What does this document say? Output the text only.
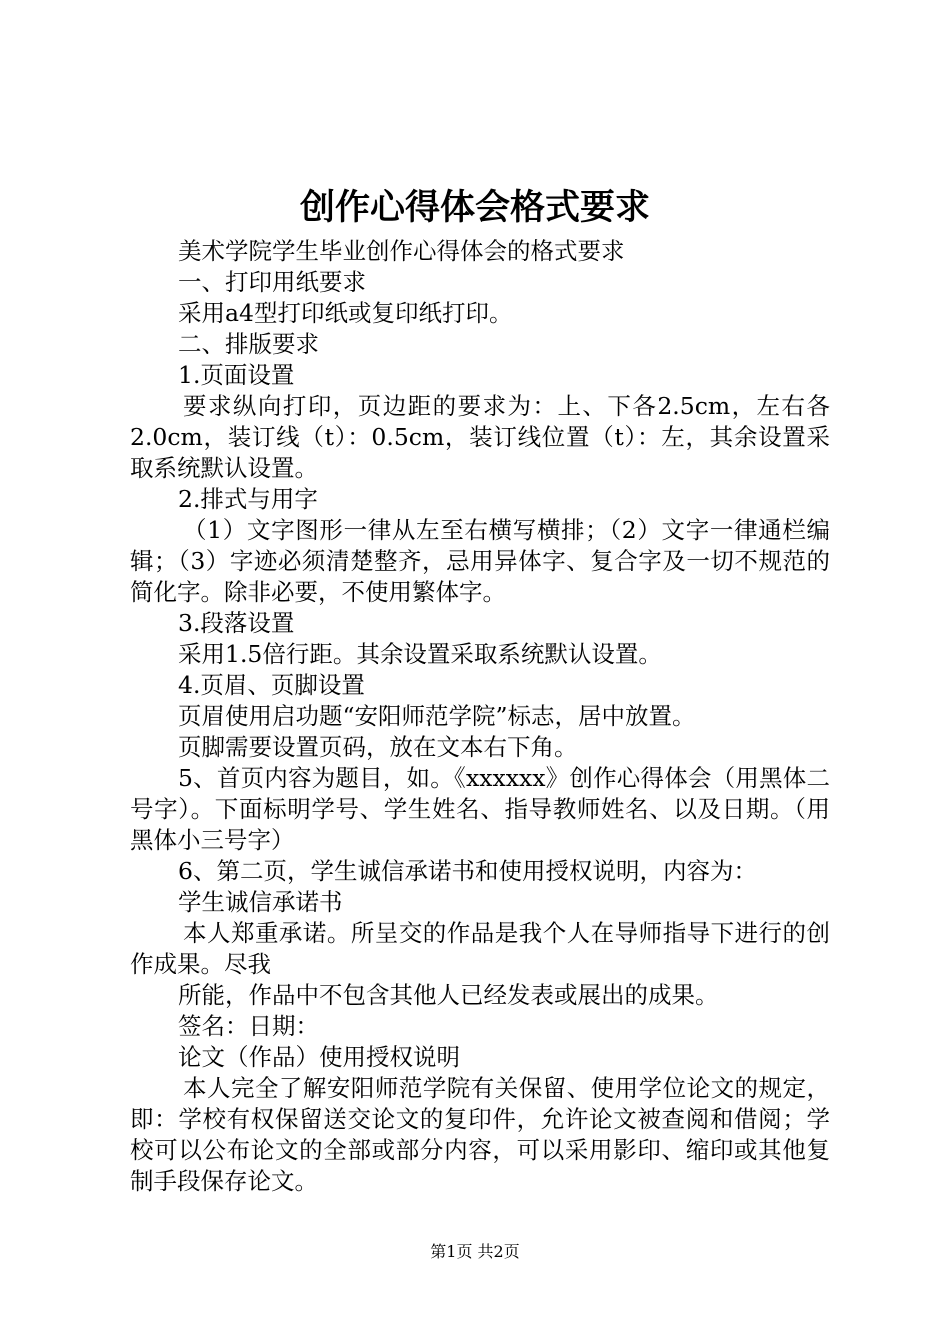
创作心得体会格式要求

美术学院学生毕业创作心得体会的格式要求

一、打印用纸要求

采用a4型打印纸或复印纸打印。

二、排版要求

1.页面设置

要求纵向打印，页边距的要求为：上、下各2.5cm，左右各2.0cm，装订线（t）：0.5cm，装订线位置（t）：左，其余设置采取系统默认设置。

2.排式与用字

（1）文字图形一律从左至右横写横排；（2）文字一律通栏编辑；（3）字迹必须清楚整齐，忌用异体字、复合字及一切不规范的简化字。除非必要，不使用繁体字。

3.段落设置

采用1.5倍行距。其余设置采取系统默认设置。

4.页眉、页脚设置

页眉使用启功题“安阳师范学院”标志，居中放置。

页脚需要设置页码，放在文本右下角。

5、首页内容为题目，如。《xxxxxx》创作心得体会（用黑体二号字）。下面标明学号、学生姓名、指导教师姓名、以及日期。（用黑体小三号字）

6、第二页，学生诚信承诺书和使用授权说明，内容为：

学生诚信承诺书

本人郑重承诺。所呈交的作品是我个人在导师指导下进行的创作成果。尽我

所能，作品中不包含其他人已经发表或展出的成果。

签名：日期：

论文（作品）使用授权说明

本人完全了解安阳师范学院有关保留、使用学位论文的规定，即：学校有权保留送交论文的复印件，允许论文被查阅和借阅；学校可以公布论文的全部或部分内容，可以采用影印、缩印或其他复制手段保存论文。

第1页 共2页
